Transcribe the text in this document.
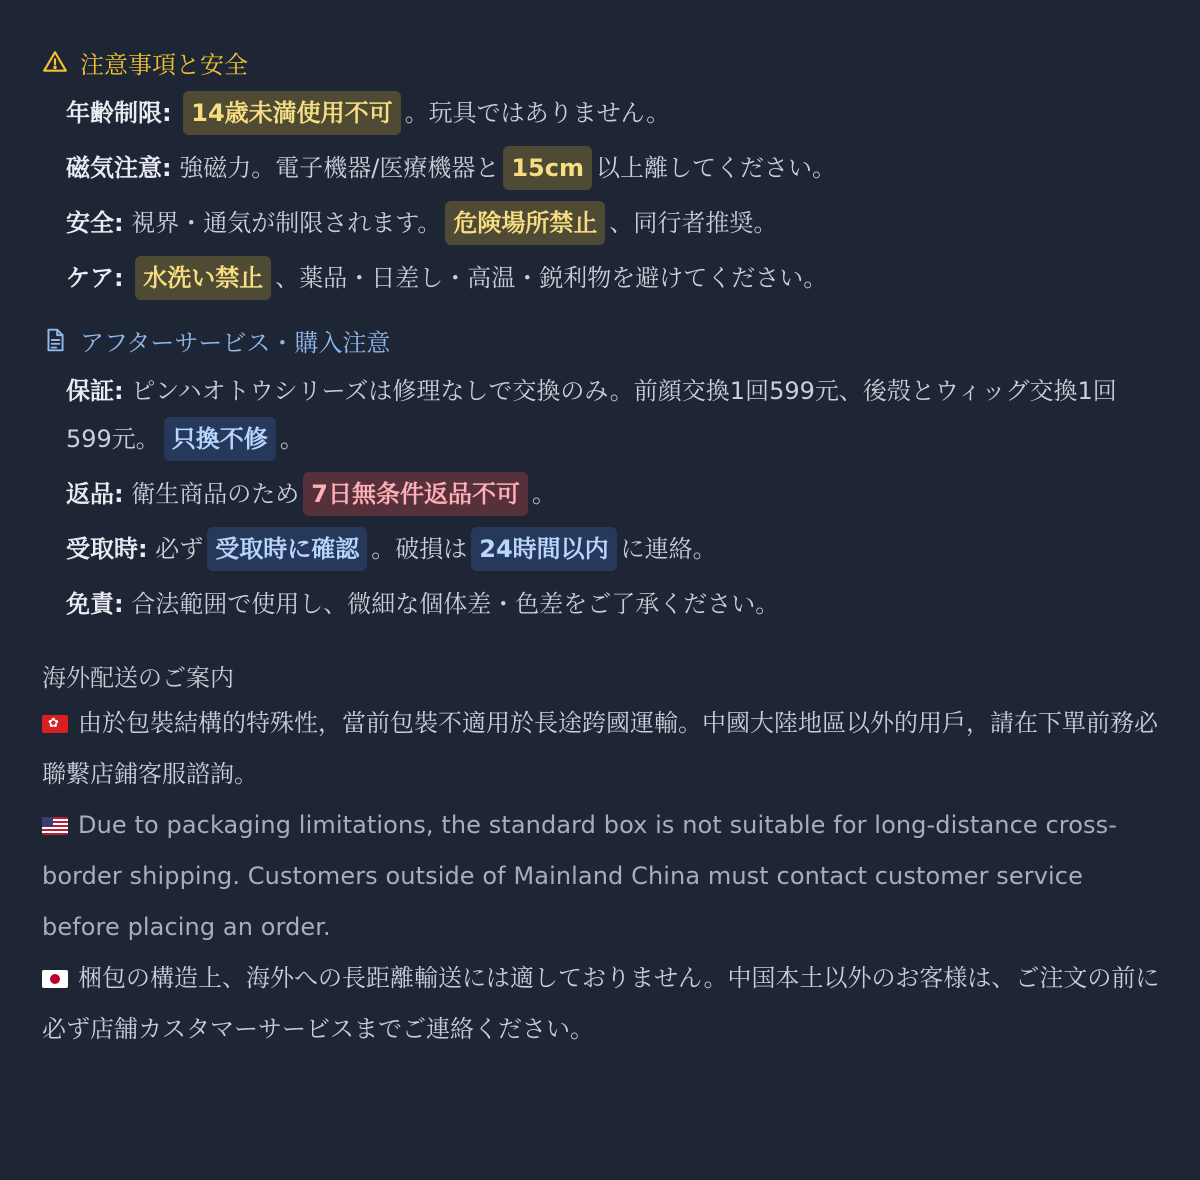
注意事項と安全
年齢制限: 14歳未満使用不可 。玩具ではありません。
磁気注意: 強磁力。電子機器/医療機器と 15cm 以上離してください。
安全: 視界・通気が制限されます。 危険場所禁止 、同行者推奨。
ケア: 水洗い禁止 、薬品・日差し・高温・鋭利物を避けてください。
アフターサービス・購入注意
保証: ピンハオトウシリーズは修理なしで交換のみ。前顔交換1回599元、後殻とウィッグ交換1回599元。 只換不修 。
返品: 衛生商品のため 7日無条件返品不可 。
受取時: 必ず 受取時に確認 。破損は 24時間以内 に連絡。
免責: 合法範囲で使用し、微細な個体差・色差をご了承ください。
海外配送のご案内
✿由於包裝結構的特殊性，當前包裝不適用於長途跨國運輸。中國大陸地區以外的用戶，請在下單前務必聯繫店鋪客服諮詢。
Due to packaging limitations, the standard box is not suitable for long-distance cross-border shipping. Customers outside of Mainland China must contact customer service before placing an order.
梱包の構造上、海外への長距離輸送には適しておりません。中国本土以外のお客様は、ご注文の前に必ず店舗カスタマーサービスまでご連絡ください。
